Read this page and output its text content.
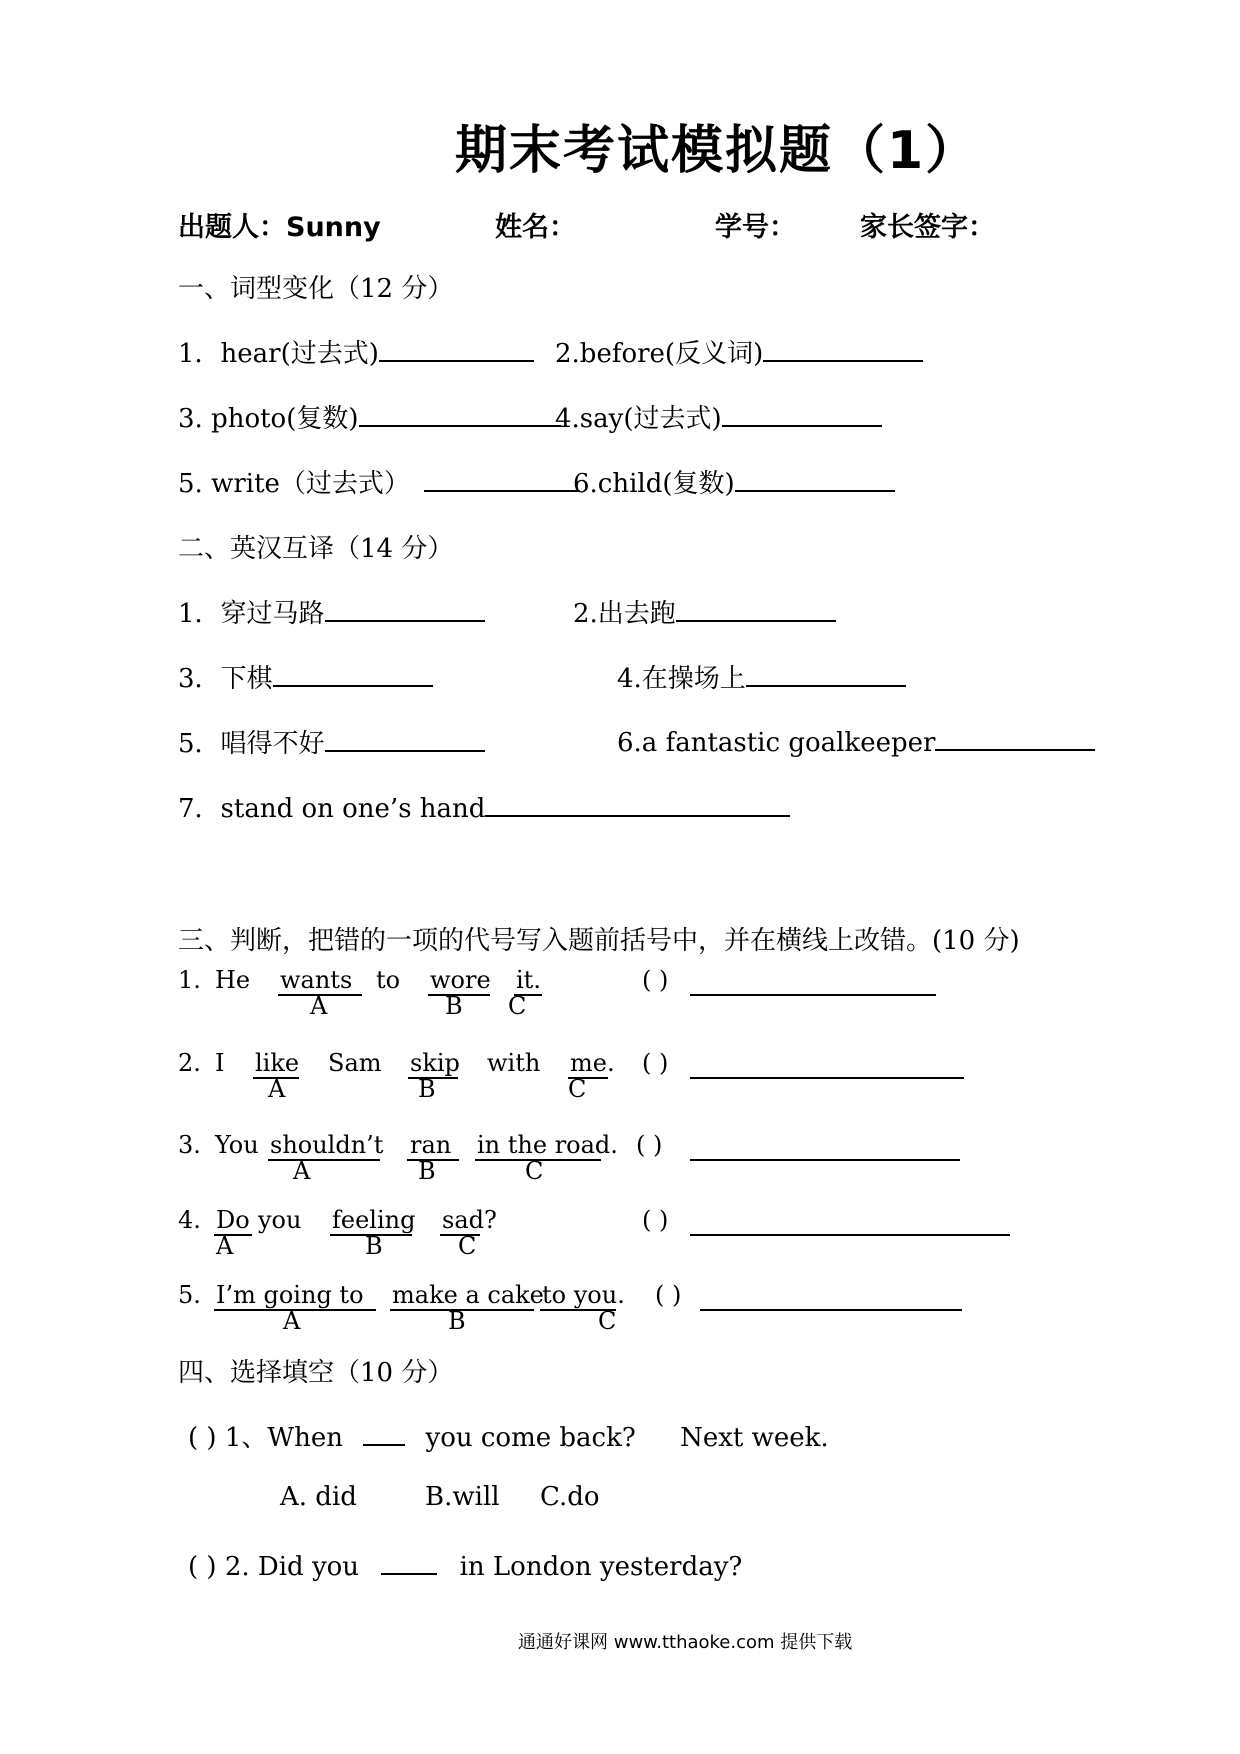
期末考试模拟题（1）
出题人：Sunny	姓名：	学号： 家长签字：
一、词型变化（12 分）
1．hear(过去式)	2.before(反义词)
3. photo(复数)	4.say(过去式)
5. write（过去式）	6.child(复数)
二、英汉互译（14 分）
1．穿过马路	2.出去跑
3．下棋	4.在操场上
5．唱得不好	6.a fantastic goalkeeper
7．stand on one’s hand
三、判断，把错的一项的代号写入题前括号中，并在横线上改错。(10 分)
1. He wants
A
to wore
B
it.
C
( )
2. I like
A
Sam skip
B
with me.
C
( )
3. You shouldn’t
A
ran
B
in the road.
C
( )
4. Do
A
you feeling
B
sad?
C
( )
5. I’m going to
A
make a cake
B
to you.
C
( )
四、选择填空（10 分）
( ) 1、When	you come back? Next week.
A. did	B.will C.do
( ) 2. Did you	in London yesterday?
通通好课网 www.tthaoke.com 提供下载
